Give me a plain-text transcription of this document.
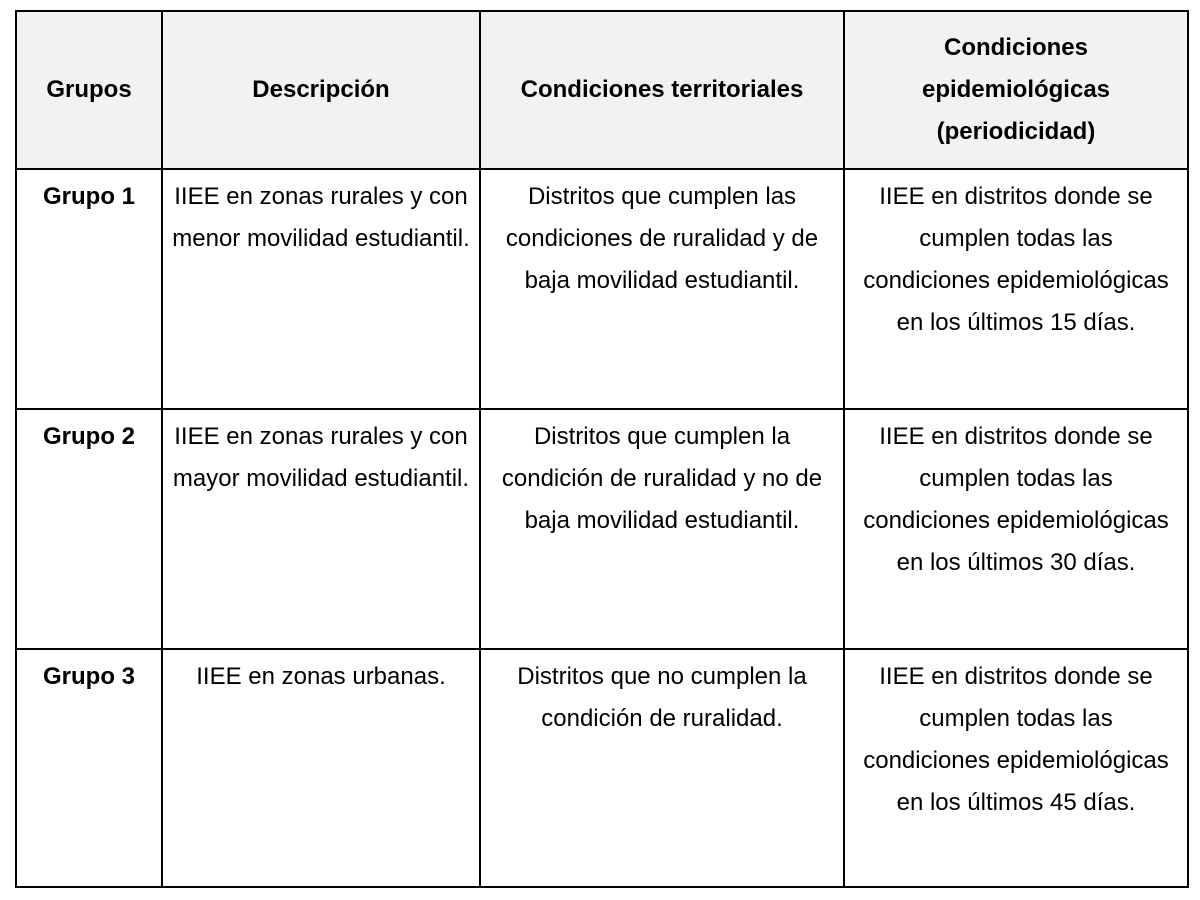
Grupos	Descripción	Condiciones territoriales	Condiciones epidemiológicas (periodicidad)
Grupo 1	IIEE en zonas rurales y con menor movilidad estudiantil.	Distritos que cumplen las condiciones de ruralidad y de baja movilidad estudiantil.	IIEE en distritos donde se cumplen todas las condiciones epidemiológicas en los últimos 15 días.
Grupo 2	IIEE en zonas rurales y con mayor movilidad estudiantil.	Distritos que cumplen la condición de ruralidad y no de baja movilidad estudiantil.	IIEE en distritos donde se cumplen todas las condiciones epidemiológicas en los últimos 30 días.
Grupo 3	IIEE en zonas urbanas.	Distritos que no cumplen la condición de ruralidad.	IIEE en distritos donde se cumplen todas las condiciones epidemiológicas en los últimos 45 días.
